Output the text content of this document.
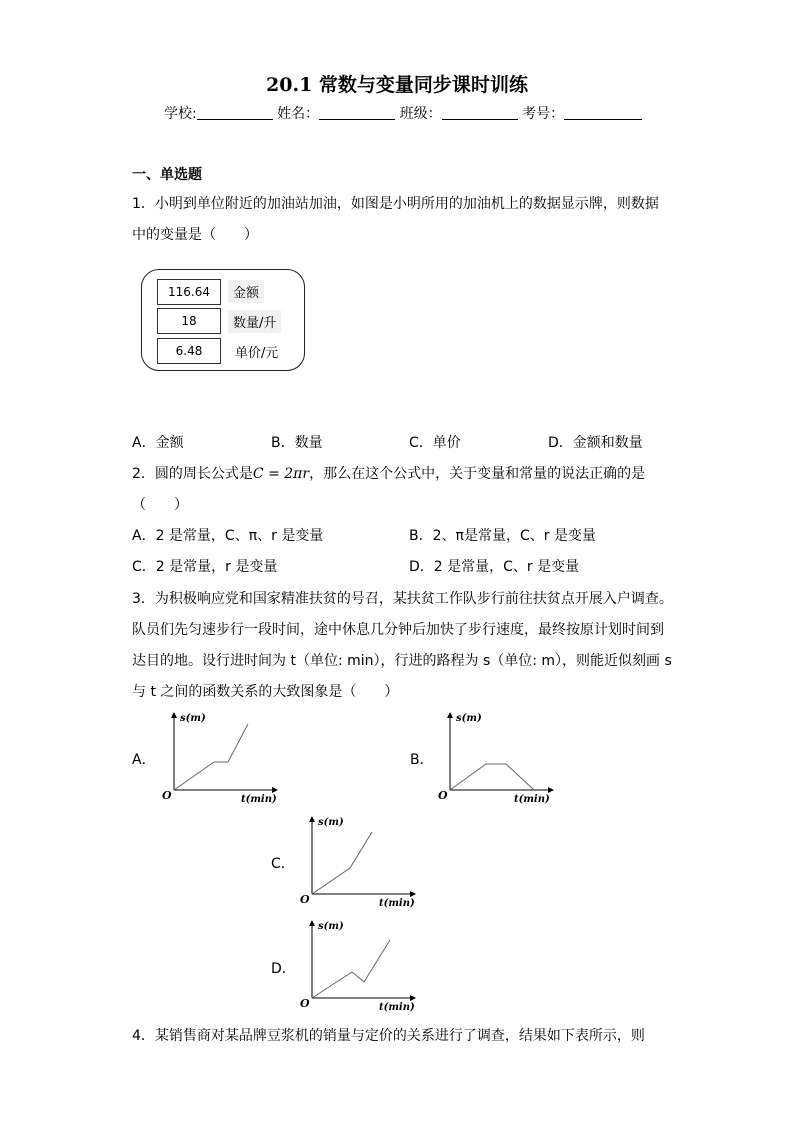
20.1 常数与变量同步课时训练
学校:	姓名：	班级：	考号：
一、单选题
1．小明到单位附近的加油站加油，如图是小明所用的加油机上的数据显示牌，则数据
中的变量是（　　）
116.64	金额
18	数量/升
6.48	单价/元
A．金额	B．数量	C．单价	D．金额和数量
2．圆的周长公式是C = 2πr，那么在这个公式中，关于变量和常量的说法正确的是
（　　）
A．2 是常量，C、π、r 是变量	B．2、π是常量，C、r 是变量
C．2 是常量，r 是变量	D．2 是常量，C、r 是变量
3．为积极响应党和国家精准扶贫的号召，某扶贫工作队步行前往扶贫点开展入户调查。
队员们先匀速步行一段时间，途中休息几分钟后加快了步行速度，最终按原计划时间到
达目的地。设行进时间为 t（单位: min），行进的路程为 s（单位: m），则能近似刻画 s
与 t 之间的函数关系的大致图象是（　　）
A．
s(m)
t(min)
O
B．
s(m)
t(min)
O
C．
s(m)
t(min)
O
D．
s(m)
t(min)
O
4．某销售商对某品牌豆浆机的销量与定价的关系进行了调查，结果如下表所示，则
